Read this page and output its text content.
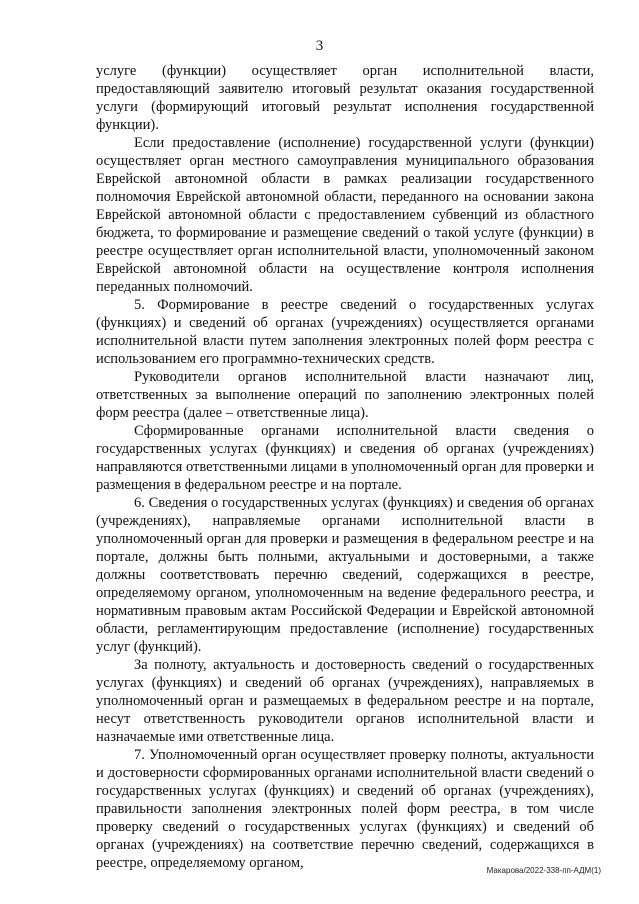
3

услуге (функции) осуществляет орган исполнительной власти, предоставляющий заявителю итоговый результат оказания государственной услуги (формирующий итоговый результат исполнения государственной функции).

Если предоставление (исполнение) государственной услуги (функции) осуществляет орган местного самоуправления муниципального образования Еврейской автономной области в рамках реализации государственного полномочия Еврейской автономной области, переданного на основании закона Еврейской автономной области с предоставлением субвенций из областного бюджета, то формирование и размещение сведений о такой услуге (функции) в реестре осуществляет орган исполнительной власти, уполномоченный законом Еврейской автономной области на осуществление контроля исполнения переданных полномочий.

5. Формирование в реестре сведений о государственных услугах (функциях) и сведений об органах (учреждениях) осуществляется органами исполнительной власти путем заполнения электронных полей форм реестра с использованием его программно-технических средств.

Руководители органов исполнительной власти назначают лиц, ответственных за выполнение операций по заполнению электронных полей форм реестра (далее – ответственные лица).

Сформированные органами исполнительной власти сведения о государственных услугах (функциях) и сведения об органах (учреждениях) направляются ответственными лицами в уполномоченный орган для проверки и размещения в федеральном реестре и на портале.

6. Сведения о государственных услугах (функциях) и сведения об органах (учреждениях), направляемые органами исполнительной власти в уполномоченный орган для проверки и размещения в федеральном реестре и на портале, должны быть полными, актуальными и достоверными, а также должны соответствовать перечню сведений, содержащихся в реестре, определяемому органом, уполномоченным на ведение федерального реестра, и нормативным правовым актам Российской Федерации и Еврейской автономной области, регламентирующим предоставление (исполнение) государственных услуг (функций).

За полноту, актуальность и достоверность сведений о государственных услугах (функциях) и сведений об органах (учреждениях), направляемых в уполномоченный орган и размещаемых в федеральном реестре и на портале, несут ответственность руководители органов исполнительной власти и назначаемые ими ответственные лица.

7. Уполномоченный орган осуществляет проверку полноты, актуальности и достоверности сформированных органами исполнительной власти сведений о государственных услугах (функциях) и сведений об органах (учреждениях), правильности заполнения электронных полей форм реестра, в том числе проверку сведений о государственных услугах (функциях) и сведений об органах (учреждениях) на соответствие перечню сведений, содержащихся в реестре, определяемому органом,	Макарова/2022-338-пп-АДМ(1)
